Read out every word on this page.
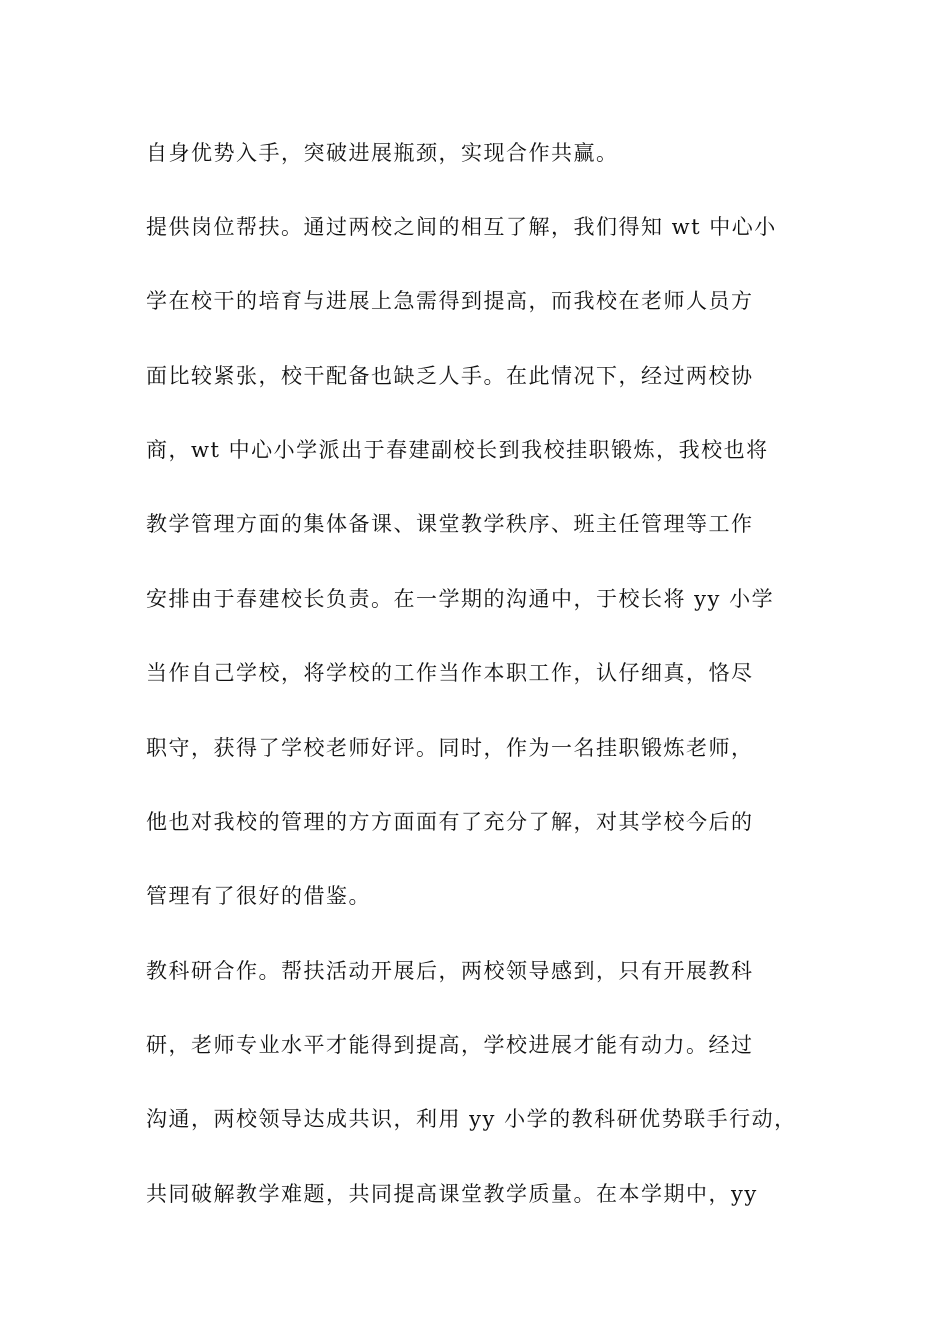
自身优势入手，突破进展瓶颈，实现合作共赢。
提供岗位帮扶。通过两校之间的相互了解，我们得知 wt 中心小
学在校干的培育与进展上急需得到提高，而我校在老师人员方
面比较紧张，校干配备也缺乏人手。在此情况下，经过两校协
商，wt 中心小学派出于春建副校长到我校挂职锻炼，我校也将
教学管理方面的集体备课、课堂教学秩序、班主任管理等工作
安排由于春建校长负责。在一学期的沟通中，于校长将 yy 小学
当作自己学校，将学校的工作当作本职工作，认仔细真，恪尽
职守，获得了学校老师好评。同时，作为一名挂职锻炼老师，
他也对我校的管理的方方面面有了充分了解，对其学校今后的
管理有了很好的借鉴。
教科研合作。帮扶活动开展后，两校领导感到，只有开展教科
研，老师专业水平才能得到提高，学校进展才能有动力。经过
沟通，两校领导达成共识，利用 yy 小学的教科研优势联手行动，
共同破解教学难题，共同提高课堂教学质量。在本学期中，yy
